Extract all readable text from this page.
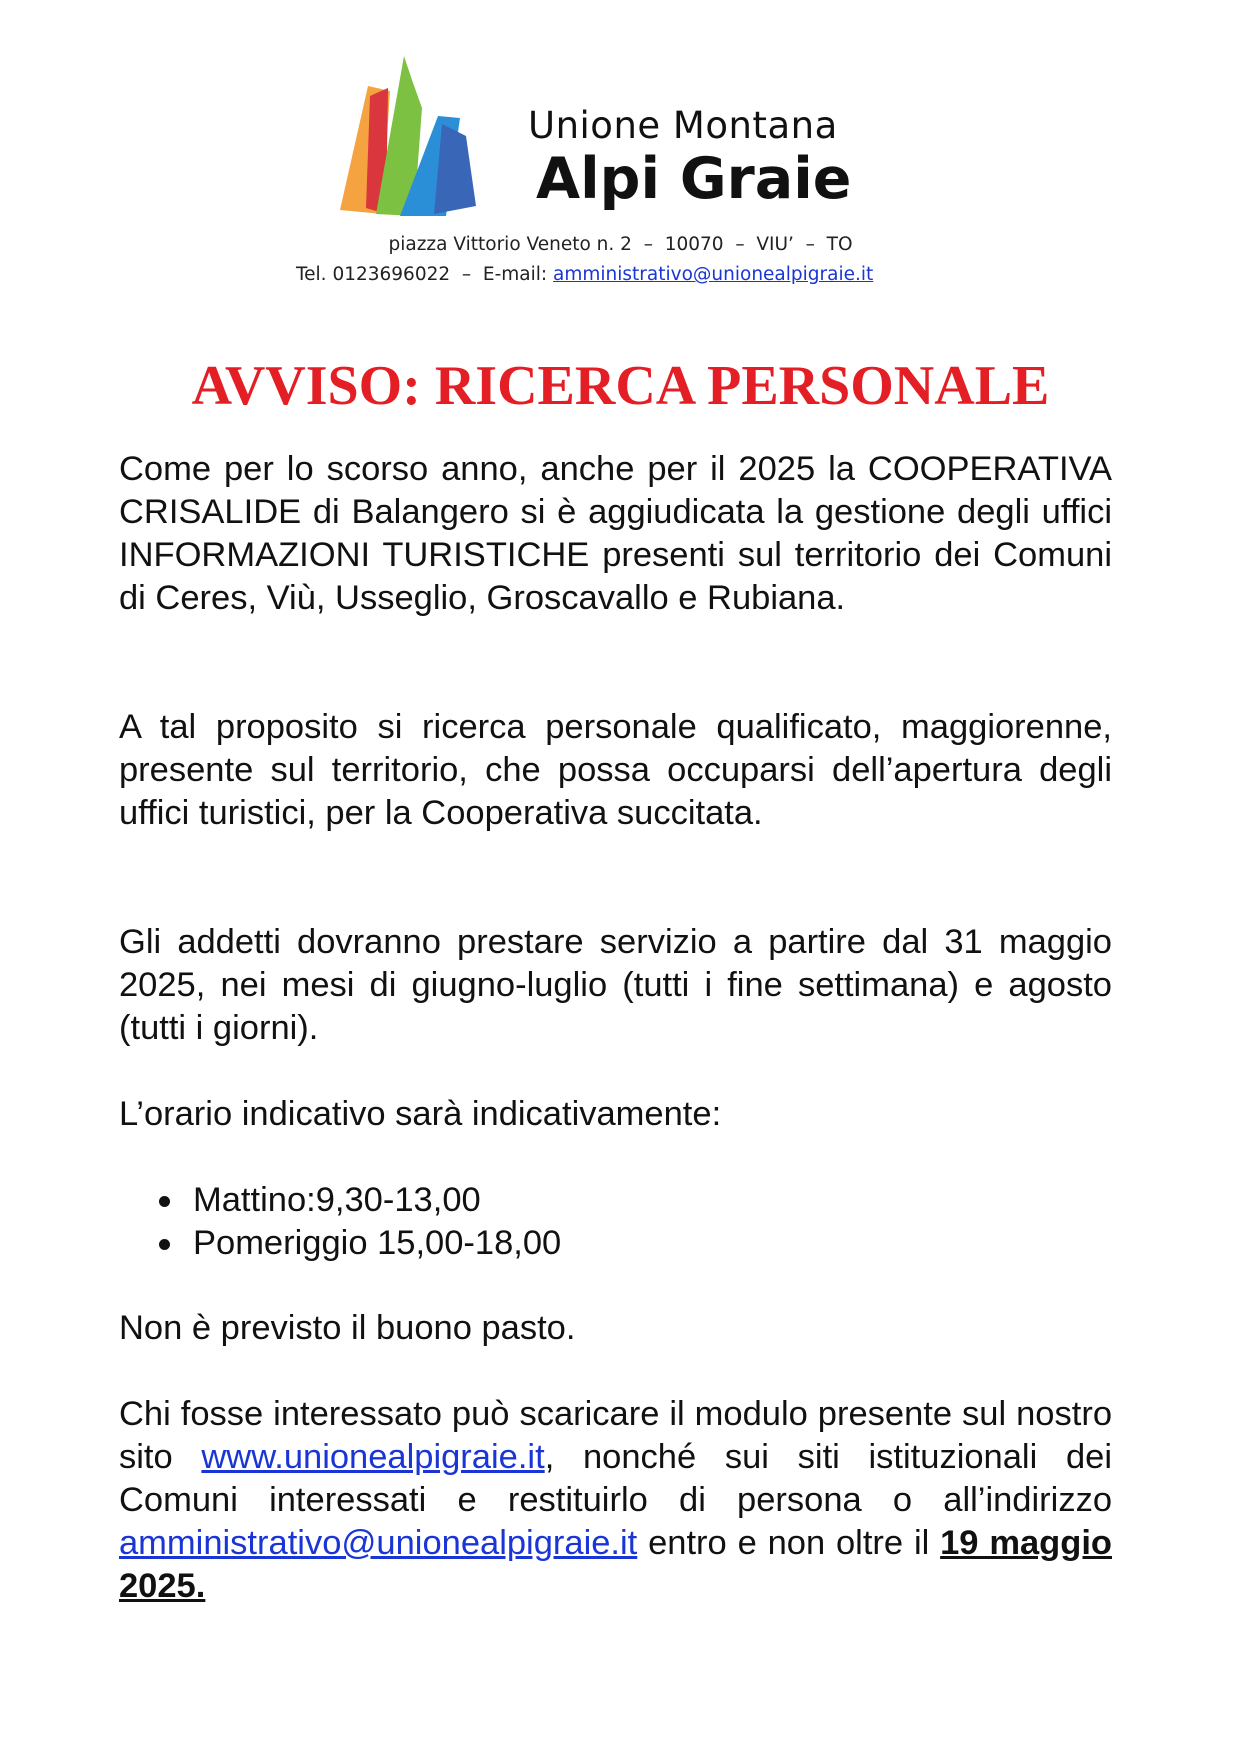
Unione Montana
Alpi Graie
piazza Vittorio Veneto n. 2  –  10070  –  VIU’  –  TO
Tel. 0123696022  –  E-mail: amministrativo@unionealpigraie.it
AVVISO: RICERCA PERSONALE

Come per lo scorso anno, anche per il 2025 la COOPERATIVA CRISALIDE di Balangero si è aggiudicata la gestione degli uffici INFORMAZIONI TURISTICHE presenti sul territorio dei Comuni di Ceres, Viù, Usseglio, Groscavallo e Rubiana.

A tal proposito si ricerca personale qualificato, maggiorenne, presente sul territorio, che possa occuparsi dell’apertura degli uffici turistici, per la Cooperativa succitata.

Gli addetti dovranno prestare servizio a partire dal 31 maggio 2025, nei mesi di giugno-luglio (tutti i fine settimana) e agosto (tutti i giorni).

L’orario indicativo sarà indicativamente:

Mattino:9,30-13,00
Pomeriggio 15,00-18,00

Non è previsto il buono pasto.

Chi fosse interessato può scaricare il modulo presente sul nostro sito www.unionealpigraie.it, nonché sui siti istituzionali dei Comuni interessati e restituirlo di persona o all’indirizzo amministrativo@unionealpigraie.it entro e non oltre il 19 maggio 2025.
